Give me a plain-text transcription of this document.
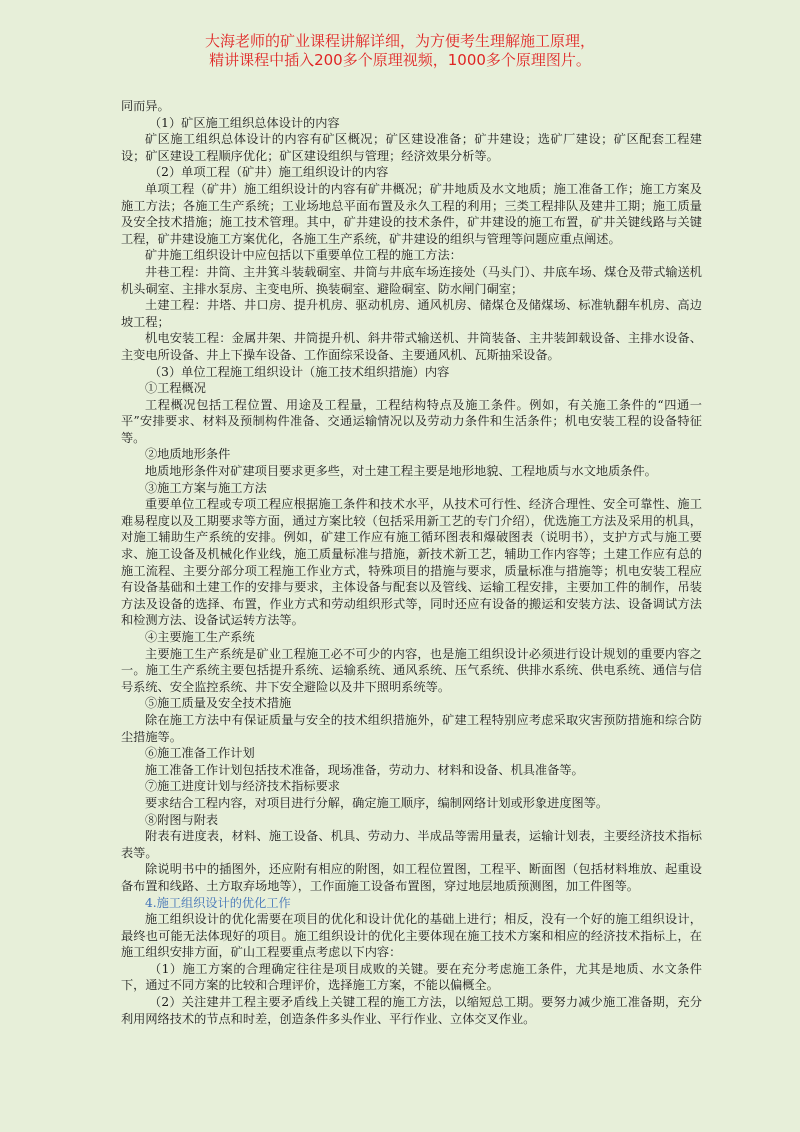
大海老师的矿业课程讲解详细，为方便考生理解施工原理，
精讲课程中插入200多个原理视频，1000多个原理图片。

同而异。

（1）矿区施工组织总体设计的内容

矿区施工组织总体设计的内容有矿区概况；矿区建设准备；矿井建设；选矿厂建设；矿区配套工程建设；矿区建设工程顺序优化；矿区建设组织与管理；经济效果分析等。

（2）单项工程（矿井）施工组织设计的内容

单项工程（矿井）施工组织设计的内容有矿井概况；矿井地质及水文地质；施工准备工作；施工方案及施工方法；各施工生产系统；工业场地总平面布置及永久工程的利用；三类工程排队及建井工期；施工质量及安全技术措施；施工技术管理。其中，矿井建设的技术条件，矿井建设的施工布置，矿井关键线路与关键工程，矿井建设施工方案优化，各施工生产系统，矿井建设的组织与管理等问题应重点阐述。

矿井施工组织设计中应包括以下重要单位工程的施工方法：

井巷工程：井筒、主井箕斗装载硐室、井筒与井底车场连接处（马头门）、井底车场、煤仓及带式输送机机头硐室、主排水泵房、主变电所、换装硐室、避险硐室、防水闸门硐室；

土建工程：井塔、井口房、提升机房、驱动机房、通风机房、储煤仓及储煤场、标准轨翻车机房、高边坡工程；

机电安装工程：金属井架、井筒提升机、斜井带式输送机、井筒装备、主井装卸载设备、主排水设备、主变电所设备、井上下操车设备、工作面综采设备、主要通风机、瓦斯抽采设备。

（3）单位工程施工组织设计（施工技术组织措施）内容

①工程概况

工程概况包括工程位置、用途及工程量，工程结构特点及施工条件。例如，有关施工条件的“四通一平”安排要求、材料及预制构件准备、交通运输情况以及劳动力条件和生活条件；机电安装工程的设备特征等。

②地质地形条件

地质地形条件对矿建项目要求更多些，对土建工程主要是地形地貌、工程地质与水文地质条件。

③施工方案与施工方法

重要单位工程或专项工程应根据施工条件和技术水平，从技术可行性、经济合理性、安全可靠性、施工难易程度以及工期要求等方面，通过方案比较（包括采用新工艺的专门介绍），优选施工方法及采用的机具，对施工辅助生产系统的安排。例如，矿建工作应有施工循环图表和爆破图表（说明书），支护方式与施工要求、施工设备及机械化作业线，施工质量标准与措施，新技术新工艺，辅助工作内容等；土建工作应有总的施工流程、主要分部分项工程施工作业方式，特殊项目的措施与要求，质量标准与措施等；机电安装工程应有设备基础和土建工作的安排与要求，主体设备与配套以及管线、运输工程安排，主要加工件的制作，吊装方法及设备的选择、布置，作业方式和劳动组织形式等，同时还应有设备的搬运和安装方法、设备调试方法和检测方法、设备试运转方法等。

④主要施工生产系统

主要施工生产系统是矿业工程施工必不可少的内容，也是施工组织设计必须进行设计规划的重要内容之一。施工生产系统主要包括提升系统、运输系统、通风系统、压气系统、供排水系统、供电系统、通信与信号系统、安全监控系统、井下安全避险以及井下照明系统等。

⑤施工质量及安全技术措施

除在施工方法中有保证质量与安全的技术组织措施外，矿建工程特别应考虑采取灾害预防措施和综合防尘措施等。

⑥施工准备工作计划

施工准备工作计划包括技术准备，现场准备，劳动力、材料和设备、机具准备等。

⑦施工进度计划与经济技术指标要求

要求结合工程内容，对项目进行分解，确定施工顺序，编制网络计划或形象进度图等。

⑧附图与附表

附表有进度表，材料、施工设备、机具、劳动力、半成品等需用量表，运输计划表，主要经济技术指标表等。

除说明书中的插图外，还应附有相应的附图，如工程位置图，工程平、断面图（包括材料堆放、起重设备布置和线路、土方取弃场地等），工作面施工设备布置图，穿过地层地质预测图，加工件图等。

4.施工组织设计的优化工作

施工组织设计的优化需要在项目的优化和设计优化的基础上进行；相反，没有一个好的施工组织设计，最终也可能无法体现好的项目。施工组织设计的优化主要体现在施工技术方案和相应的经济技术指标上，在施工组织安排方面，矿山工程要重点考虑以下内容：

（1）施工方案的合理确定往往是项目成败的关键。要在充分考虑施工条件，尤其是地质、水文条件下，通过不同方案的比较和合理评价，选择施工方案，不能以偏概全。

（2）关注建井工程主要矛盾线上关键工程的施工方法，以缩短总工期。要努力减少施工准备期，充分利用网络技术的节点和时差，创造条件多头作业、平行作业、立体交叉作业。
